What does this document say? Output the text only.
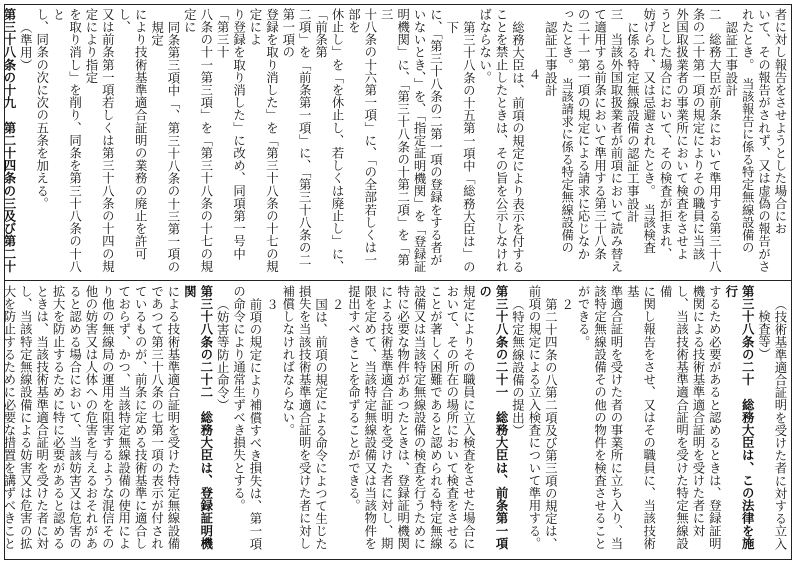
者に対し報告をさせようとした場合にお
いて、その報告がされず、又は虚偽の報告がさ
れたとき。　当該報告に係る特定無線設備の
認証工事設計
二　総務大臣が前条において準用する第三十八
条の二十第一項の規定によりその職員に当該
外国取扱業者の事業所において検査をさせよ
うとした場合において、その検査が拒まれ、
妨げられ、又は忌避されたとき。　当該検査
に係る特定無線設備の認証工事設計
三　当該外国取扱業者が前項において読み替え
て適用する前条において準用する第三十八条
の二十一第一項の規定による請求に応じなか
ったとき。　当該請求に係る特定無線設備の
認証工事設計
４
総務大臣は、前項の規定により表示を付する
ことを禁止したときは、その旨を公示しなけれ
ばならない。
第三十八条の十五第一項中「総務大臣は」の下
に、「第三十八条の二第一項の登録をする者が
いないとき、」を、「指定証明機関」を「登録証
明機関」に、「第三十八条の十第二項」を「第三
十八条の十六第一項」に、「の全部若しくは一部を
休止し」を「を休止し、若しくは廃止し」に、「前条第
二項」を「前条第一項」に、「第三十八条の二第一項の
登録を取り消した」を「第三十八条の十七の規定によ
り登録を取り消した」に改め、同項第一号中「第三十
八条の十一第三項」を「第三十八条の十七の規定に
同条第三項中「、第三十八条の十三第一項の規定
により技術基準適合証明の業務の廃止を許可し、
又は前条第一項若しくは第三十八条の十四の規定により指定
を取り消し」を削り、同条を第三十八条の十八と
し、同条の次に次の五条を加える。
（準用）
第三十八条の十九　第二十四条の三及び第二十
（技術基準適合証明を受けた者に対する立入
検査等）
第三十八条の二十　総務大臣は、この法律を施行
するため必要があると認めるときは、登録証明
機関による技術基準適合証明を受けた者に対
し、当該技術基準適合証明を受けた特定無線設備
に関し報告をさせ、又はその職員に、当該技術基
準適合証明を受けた者の事業所に立ち入り、当
該特定無線設備その他の物件を検査させること
ができる。
２
第二十四条の八第二項及び第三項の規定は、
前項の規定による立入検査について準用する。
（特定無線設備の提出）
第三十八条の二十一　総務大臣は、前条第一項の
規定によりその職員に立入検査をさせた場合に
おいて、その所在の場所において検査をさせる
ことが著しく困難であると認められる特定無線
設備又は当該特定無線設備の検査を行うために
特に必要な物件があつたときは、登録証明機関
による技術基準適合証明を受けた者に対し、期
限を定めて、当該特定無線設備又は当該物件を
提出すべきことを命ずることができる。
２
国は、前項の規定による命令によつて生じた
損失を当該技術基準適合証明を受けた者に対し
補償しなければならない。
３
前項の規定により補償すべき損失は、第一項
の命令により通常生ずべき損失とする。
（妨害等防止命令）
第三十八条の二十二　総務大臣は、登録証明機関
による技術基準適合証明を受けた特定無線設備
であつて第三十八条の七第一項の表示が付され
ているものが、前条に定める技術基準に適合し
ておらず、かつ、当該特定無線設備の使用によ
り他の無線局の運用を阻害するような混信その
他の妨害又は人体への危害を与えるおそれがあ
ると認める場合において、当該妨害又は危害の
拡大を防止するために特に必要があると認める
ときは、当該技術基準適合証明を受けた者に対
し、当該特定無線設備による妨害又は危害の拡
大を防止するために必要な措置を講ずべきこと
